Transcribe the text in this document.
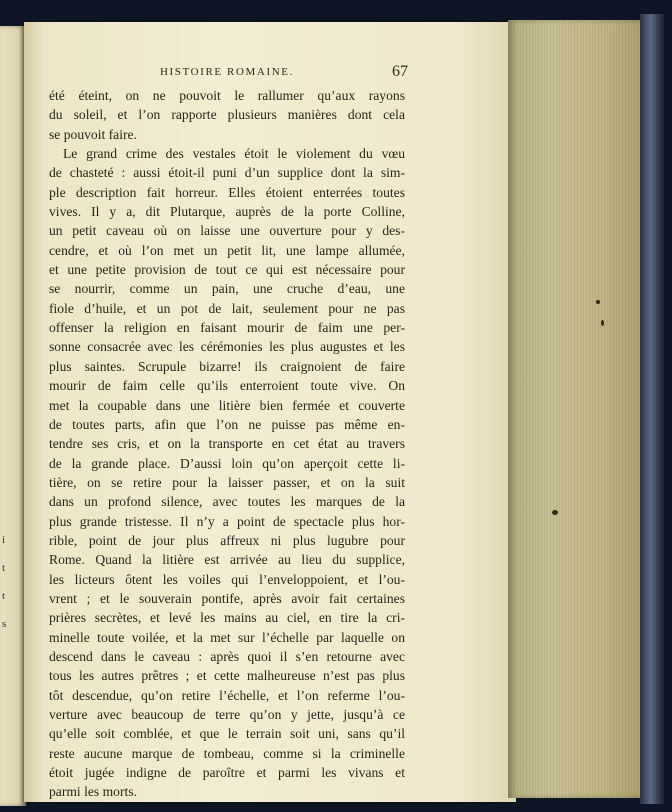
i
t
t
s
HISTOIRE ROMAINE.	67
été éteint, on ne pouvoit le rallumer qu’aux rayons
du soleil, et l’on rapporte plusieurs manières dont cela
se pouvoit faire.
Le grand crime des vestales étoit le violement du vœu
de chasteté : aussi étoit-il puni d’un supplice dont la sim-
ple description fait horreur. Elles étoient enterrées toutes
vives. Il y a, dit Plutarque, auprès de la porte Colline,
un petit caveau où on laisse une ouverture pour y des-
cendre, et où l’on met un petit lit, une lampe allumée,
et une petite provision de tout ce qui est nécessaire pour
se nourrir, comme un pain, une cruche d’eau, une
fiole d’huile, et un pot de lait, seulement pour ne pas
offenser la religion en faisant mourir de faim une per-
sonne consacrée avec les cérémonies les plus augustes et les
plus saintes. Scrupule bizarre! ils craignoient de faire
mourir de faim celle qu’ils enterroient toute vive. On
met la coupable dans une litière bien fermée et couverte
de toutes parts, afin que l’on ne puisse pas même en-
tendre ses cris, et on la transporte en cet état au travers
de la grande place. D’aussi loin qu’on aperçoit cette li-
tière, on se retire pour la laisser passer, et on la suit
dans un profond silence, avec toutes les marques de la
plus grande tristesse. Il n’y a point de spectacle plus hor-
rible, point de jour plus affreux ni plus lugubre pour
Rome. Quand la litière est arrivée au lieu du supplice,
les licteurs ôtent les voiles qui l’enveloppoient, et l’ou-
vrent ; et le souverain pontife, après avoir fait certaines
prières secrètes, et levé les mains au ciel, en tire la cri-
minelle toute voilée, et la met sur l’échelle par laquelle on
descend dans le caveau : après quoi il s’en retourne avec
tous les autres prêtres ; et cette malheureuse n’est pas plus
tôt descendue, qu’on retire l’échelle, et l’on referme l’ou-
verture avec beaucoup de terre qu’on y jette, jusqu’à ce
qu’elle soit comblée, et que le terrain soit uni, sans qu’il
reste aucune marque de tombeau, comme si la criminelle
étoit jugée indigne de paroître et parmi les vivans et
parmi les morts.
